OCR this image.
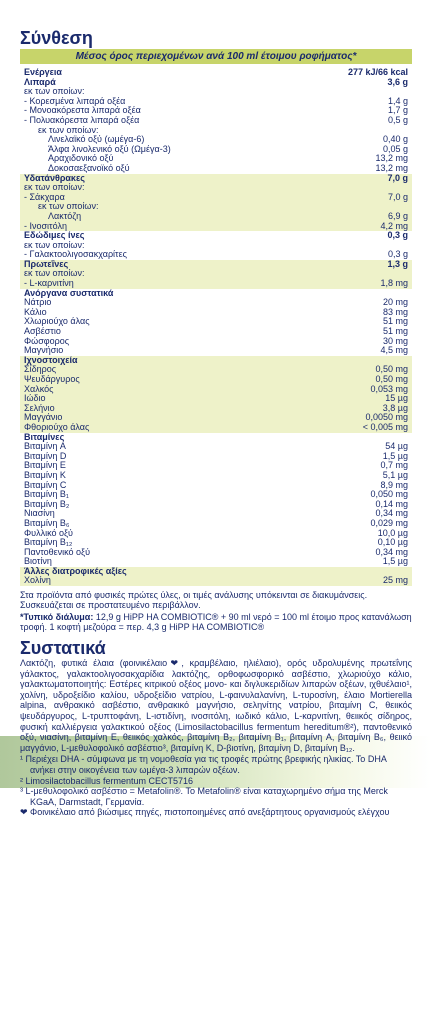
Σύνθεση
Μέσος όρος περιεχομένων ανά 100 ml έτοιμου ροφήματος*
Ενέργεια	277 kJ/66 kcal
Λιπαρά	3,6 g
εκ των οποίων:
- Κορεσμένα λιπαρά οξέα	1,4 g
- Μονοακόρεστα λιπαρά οξέα	1,7 g
- Πολυακόρεστα λιπαρά οξέα	0,5 g
εκ των οποίων:
Λινελαϊκό οξύ (ωμέγα-6)	0,40 g
Άλφα λινολενικό οξύ (Ωμέγα-3)	0,05 g
Αραχιδονικό οξύ	13,2 mg
Δοκοσαεξανοϊκό οξύ	13,2 mg
Υδατάνθρακες	7,0 g
εκ των οποίων:
- Σάκχαρα	7,0 g
εκ των οποίων:
Λακτόζη	6,9 g
- Ινοσιτόλη	4,2 mg
Εδώδιμες ίνες	0,3 g
εκ των οποίων:
- Γαλακτοολιγοσακχαρίτες	0,3 g
Πρωτεΐνες	1,3 g
εκ των οποίων:
- L-καρνιτίνη	1,8 mg
Ανόργανα συστατικά
Νάτριο	20 mg
Κάλιο	83 mg
Χλωριούχο άλας	51 mg
Ασβέστιο	51 mg
Φώσφορος	30 mg
Μαγνήσιο	4,5 mg
Ιχνοστοιχεία
Σίδηρος	0,50 mg
Ψευδάργυρος	0,50 mg
Χαλκός	0,053 mg
Ιώδιο	15 µg
Σελήνιο	3,8 µg
Μαγγάνιο	0,0050 mg
Φθοριούχο άλας	< 0,005 mg
Βιταμίνες
Βιταμίνη A	54 µg
Βιταμίνη D	1,5 µg
Βιταμίνη E	0,7 mg
Βιταμίνη K	5,1 µg
Βιταμίνη C	8,9 mg
Βιταμίνη B₁	0,050 mg
Βιταμίνη B₂	0,14 mg
Νιασίνη	0,34 mg
Βιταμίνη B₆	0,029 mg
Φυλλικό οξύ	10,0 µg
Βιταμίνη B₁₂	0,10 µg
Παντοθενικό οξύ	0,34 mg
Βιοτίνη	1,5 µg
Άλλες διατροφικές αξίες
Χολίνη	25 mg
Στα προϊόντα από φυσικές πρώτες ύλες, οι τιμές ανάλυσης υπόκεινται σε διακυμάνσεις. Συσκευάζεται σε προστατευμένο περιβάλλον.
*Τυπικό διάλυμα: 12,9 g HiPP HA COMBIOTIC® + 90 ml νερό = 100 ml έτοιμο προς κατανάλωση τροφή. 1 κοφτή μεζούρα = περ. 4,3 g HiPP HA COMBIOTIC®
Συστατικά
Λακτόζη, φυτικά έλαια (φοινικέλαιο❤, κραμβέλαιο, ηλιέλαιο), ορός υδρολυμένης πρωτεΐνης γάλακτος, γαλακτοολιγοσακχαρίδια λακτόζης, ορθοφωσφορικό ασβέστιο, χλωριούχο κάλιο, γαλακτωματοποιητής: Εστέρες κιτρικού οξέος μονο- και διγλυκεριδίων λιπαρών οξέων, ιχθυέλαιο¹, χολίνη, υδροξείδιο καλίου, υδροξείδιο νατρίου, L-φαινυλαλανίνη, L-τυροσίνη, έλαιο Mortierella alpina, ανθρακικό ασβέστιο, ανθρακικό μαγνήσιο, σεληνίτης νατρίου, βιταμίνη C, θειικός ψευδάργυρος, L-τρυπτοφάνη, L-ιστιδίνη, ινοσιτόλη, ιωδικό κάλιο, L-καρνιτίνη, θειικός σίδηρος, φυσική καλλιέργεια γαλακτικού οξέος (Limosilactobacillus fermentum hereditum®²), παντοθενικό οξύ, νιασίνη, βιταμίνη E, θειικός χαλκός, βιταμίνη B₂, βιταμίνη B₁, βιταμίνη A, βιταμίνη B₆, θειικό μαγγάνιο, L-μεθυλοφολικό ασβέστιο³, βιταμίνη K, D-βιοτίνη, βιταμίνη D, βιταμίνη B₁₂.
¹ Περιέχει DHA - σύμφωνα με τη νομοθεσία για τις τροφές πρώτης βρεφικής ηλικίας. Το DHA ανήκει στην οικογένεια των ωμέγα-3 λιπαρών οξέων.
² Limosilactobacillus fermentum CECT5716
³ L-μεθυλοφολικό ασβέστιο = Metafolin®. Το Metafolin® είναι καταχωρημένο σήμα της Merck KGaA, Darmstadt, Γερμανία.
❤ Φοινικέλαιο από βιώσιμες πηγές, πιστοποιημένες από ανεξάρτητους οργανισμούς ελέγχου
